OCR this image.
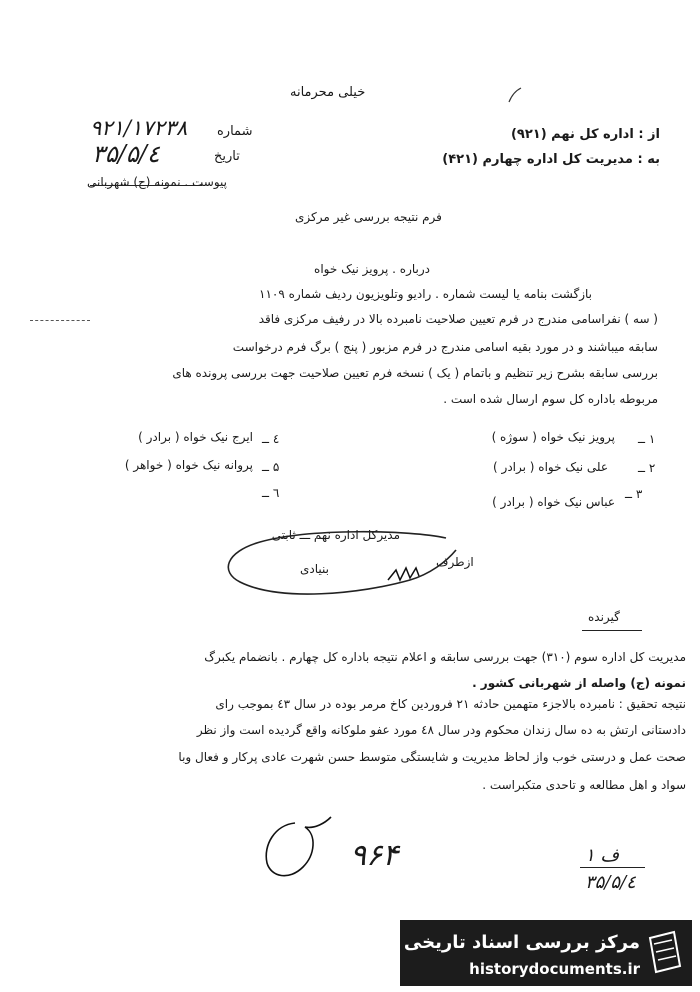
خیلی محرمانه
از : اداره کل نهم (۹۲۱)
به : مدیریت کل اداره چهارم (۴۲۱)
شماره
۹۲۱/۱۷۲۳۸
تاریخ
۳۵/۵/٤
پیوست . نمونه (ج) شهربانی
فرم نتیجه بررسی غیر مرکزی
درباره . پرویز نیک خواه
بازگشت بنامه یا لیست شماره . رادیو وتلویزیون ردیف شماره ۱۱۰۹
( سه ) نفراسامی مندرج در فرم تعیین صلاحیت نامبرده بالا در رفیف مرکزی فاقد
سابقه میباشند و در مورد بقیه اسامی مندرج در فرم مزبور ( پنج ) برگ فرم درخواست
بررسی سابقه بشرح زیر تنظیم و باتمام ( یک ) نسخه فرم تعیین صلاحیت جهت بررسی پرونده های
مربوطه باداره کل سوم ارسال شده است .
۱ ــ
پرویز نیک خواه ( سوژه )
۲ ــ
علی نیک خواه ( برادر )
۳ ــ
عباس نیک خواه ( برادر )
٤ ــ
ایرج نیک خواه ( برادر )
۵ ــ
پروانه نیک خواه ( خواهر )
٦ ــ
مدیرکل اداره نهم ـــ ثابتی
ازطرف
بنیادی
گیرنده
مدیریت کل اداره سوم (۳۱۰) جهت بررسی سابقه و اعلام نتیجه باداره کل چهارم . بانضمام یکبرگ
نمونه (ج) واصله از شهربانی کشور .
نتیجه تحقیق : نامبرده بالاجزء متهمین حادثه ۲۱ فروردین کاخ مرمر بوده در سال ٤۳ بموجب رای
دادستانی ارتش به ده سال زندان محکوم ودر سال ٤۸ مورد عفو ملوکانه واقع گردیده است واز نظر
صحت عمل و درستی خوب واز لحاظ مدیریت و شایستگی متوسط حسن شهرت عادی پرکار و فعال وبا
سواد و اهل مطالعه و تاحدی متکبراست .
۹۶۴	ف ۱
۳۵/۵/٤
مرکز بررسی اسناد تاریخی
historydocuments.ir
